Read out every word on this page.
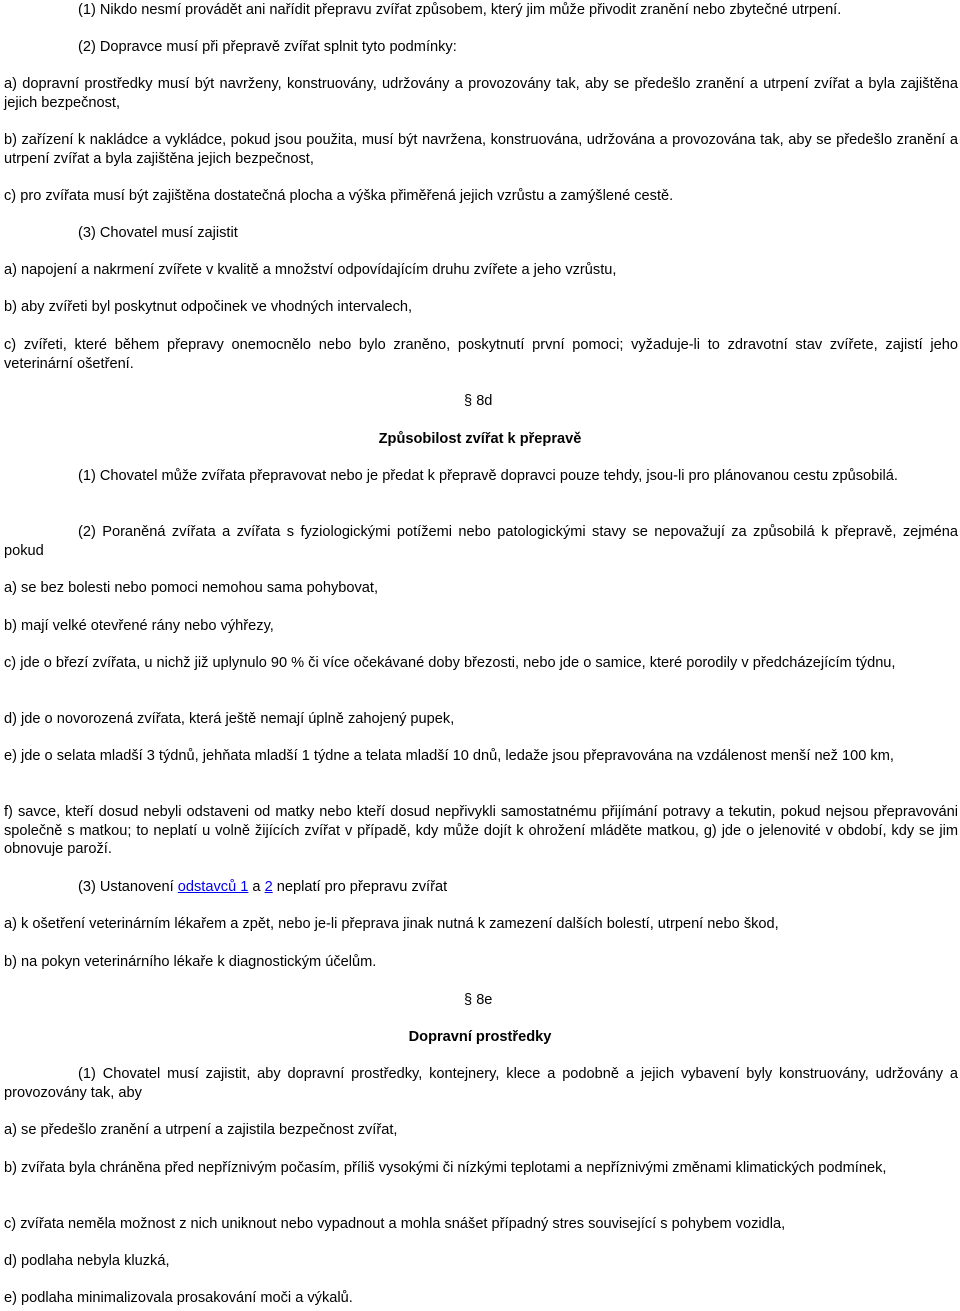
(1) Nikdo nesmí provádět ani nařídit přepravu zvířat způsobem, který jim může přivodit zranění nebo zbytečné utrpení.

(2) Dopravce musí při přepravě zvířat splnit tyto podmínky:

a) dopravní prostředky musí být navrženy, konstruovány, udržovány a provozovány tak, aby se předešlo zranění a utrpení zvířat a byla zajištěna jejich bezpečnost,

b) zařízení k nakládce a vykládce, pokud jsou použita, musí být navržena, konstruována, udržována a provozována tak, aby se předešlo zranění a utrpení zvířat a byla zajištěna jejich bezpečnost,

c) pro zvířata musí být zajištěna dostatečná plocha a výška přiměřená jejich vzrůstu a zamýšlené cestě.

(3) Chovatel musí zajistit

a) napojení a nakrmení zvířete v kvalitě a množství odpovídajícím druhu zvířete a jeho vzrůstu,

b) aby zvířeti byl poskytnut odpočinek ve vhodných intervalech,

c) zvířeti, které během přepravy onemocnělo nebo bylo zraněno, poskytnutí první pomoci; vyžaduje-li to zdravotní stav zvířete, zajistí jeho veterinární ošetření.

§ 8d

Způsobilost zvířat k přepravě

(1) Chovatel může zvířata přepravovat nebo je předat k přepravě dopravci pouze tehdy, jsou-li pro plánovanou cestu způsobilá.

(2) Poraněná zvířata a zvířata s fyziologickými potížemi nebo patologickými stavy se nepovažují za způsobilá k přepravě, zejména pokud

a) se bez bolesti nebo pomoci nemohou sama pohybovat,

b) mají velké otevřené rány nebo výhřezy,

c) jde o březí zvířata, u nichž již uplynulo 90 % či více očekávané doby březosti, nebo jde o samice, které porodily v předcházejícím týdnu,

d) jde o novorozená zvířata, která ještě nemají úplně zahojený pupek,

e) jde o selata mladší 3 týdnů, jehňata mladší 1 týdne a telata mladší 10 dnů, ledaže jsou přepravována na vzdálenost menší než 100 km,

f) savce, kteří dosud nebyli odstaveni od matky nebo kteří dosud nepřivykli samostatnému přijímání potravy a tekutin, pokud nejsou přepravováni společně s matkou; to neplatí u volně žijících zvířat v případě, kdy může dojít k ohrožení mláděte matkou, g) jde o jelenovité v období, kdy se jim obnovuje paroží.

(3) Ustanovení odstavců 1 a 2 neplatí pro přepravu zvířat

a) k ošetření veterinárním lékařem a zpět, nebo je-li přeprava jinak nutná k zamezení dalších bolestí, utrpení nebo škod,

b) na pokyn veterinárního lékaře k diagnostickým účelům.

§ 8e

Dopravní prostředky

(1) Chovatel musí zajistit, aby dopravní prostředky, kontejnery, klece a podobně a jejich vybavení byly konstruovány, udržovány a provozovány tak, aby

a) se předešlo zranění a utrpení a zajistila bezpečnost zvířat,

b) zvířata byla chráněna před nepříznivým počasím, příliš vysokými či nízkými teplotami a nepříznivými změnami klimatických podmínek,

c) zvířata neměla možnost z nich uniknout nebo vypadnout a mohla snášet případný stres související s pohybem vozidla,

d) podlaha nebyla kluzká,

e) podlaha minimalizovala prosakování moči a výkalů.
